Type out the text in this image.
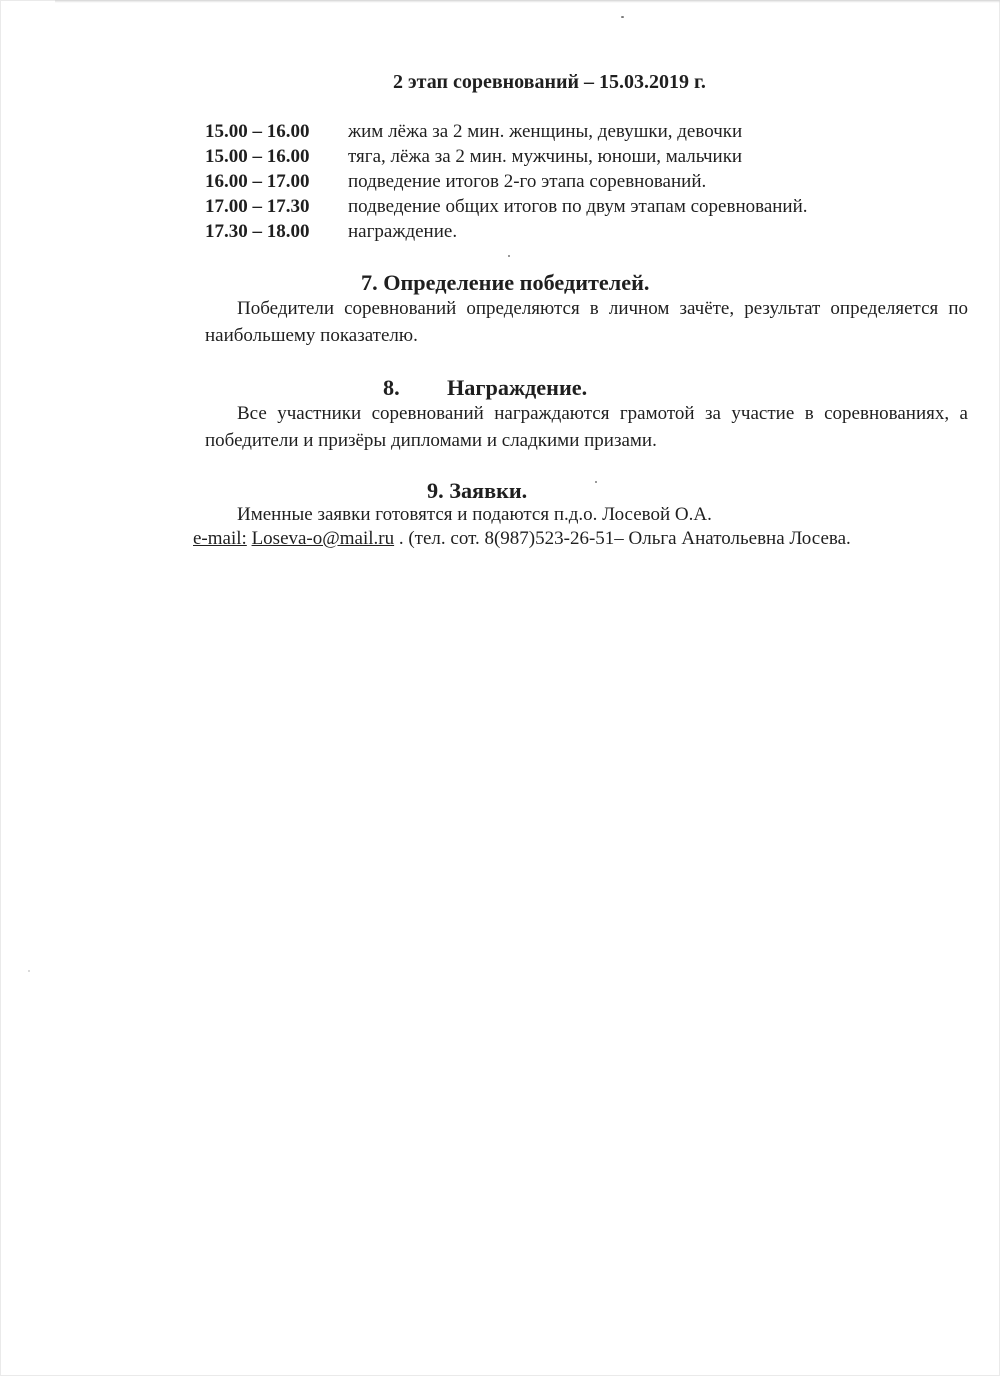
2 этап соревнований – 15.03.2019 г.
15.00 – 16.00	жим лёжа за 2 мин. женщины, девушки, девочки
15.00 – 16.00	тяга, лёжа за 2 мин. мужчины, юноши, мальчики
16.00 – 17.00	подведение итогов 2-го этапа соревнований.
17.00 – 17.30	подведение общих итогов по двум этапам соревнований.
17.30 – 18.00	награждение.
7. Определение победителей.

Победители соревнований определяются в личном зачёте, результат определяется по наибольшему показателю.

8. Награждение.

Все участники соревнований награждаются грамотой за участие в соревнованиях, а победители и призёры дипломами и сладкими призами.

9. Заявки.

Именные заявки готовятся и подаются п.д.о. Лосевой О.А.

e-mail: Loseva-o@mail.ru . (тел. сот. 8(987)523-26-51– Ольга Анатольевна Лосева.
